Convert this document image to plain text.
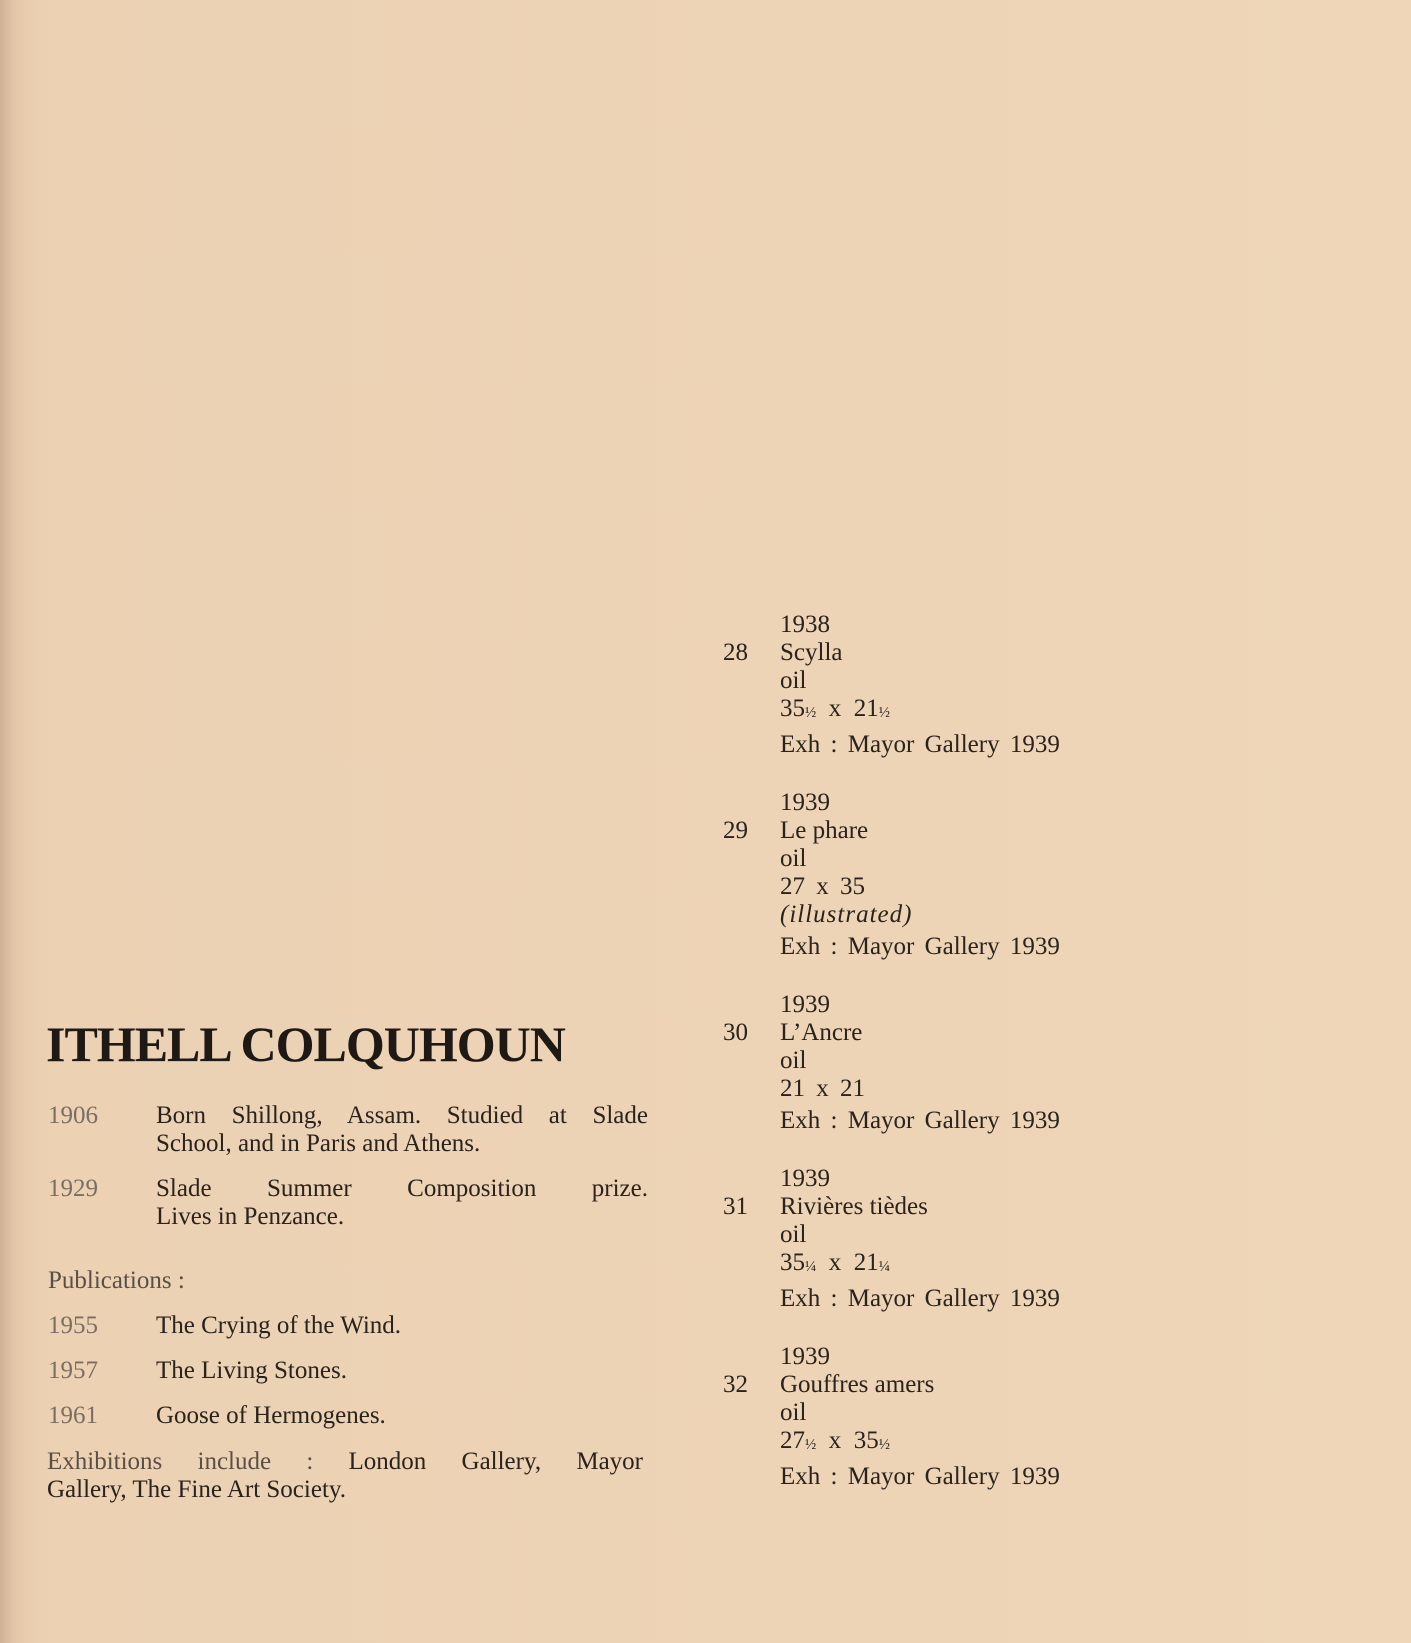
ITHELL COLQUHOUN
1906	Born Shillong, Assam. Studied at Slade
School, and in Paris and Athens.
1929	Slade Summer Composition prize.
Lives in Penzance.
Publications :
1955	The Crying of the Wind.
1957	The Living Stones.
1961	Goose of Hermogenes.
Exhibitions include : London Gallery, Mayor
Gallery, The Fine Art Society.
28
1938
Scylla
oil
35½  x  21½
Exh : Mayor Gallery 1939
29
1939
Le phare
oil
27 x 35
(illustrated)
Exh : Mayor Gallery 1939
30
1939
L’Ancre
oil
21 x 21
Exh : Mayor Gallery 1939
31
1939
Rivières tièdes
oil
35¼  x  21¼
Exh : Mayor Gallery 1939
32
1939
Gouffres amers
oil
27½  x  35½
Exh : Mayor Gallery 1939
